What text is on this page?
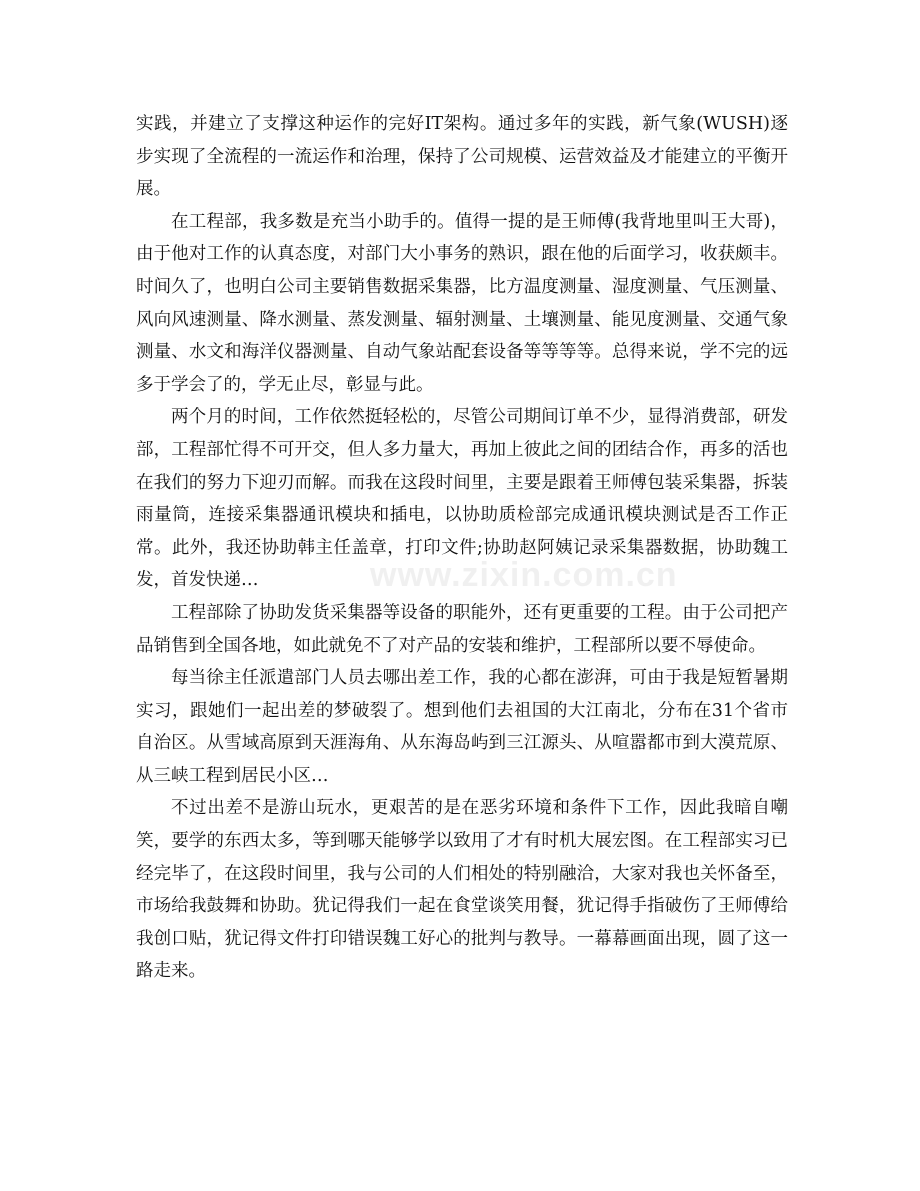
实践，并建立了支撑这种运作的完好IT架构。通过多年的实践，新气象(WUSH)逐步实现了全流程的一流运作和治理，保持了公司规模、运营效益及才能建立的平衡开展。

在工程部，我多数是充当小助手的。值得一提的是王师傅(我背地里叫王大哥)，由于他对工作的认真态度，对部门大小事务的熟识，跟在他的后面学习，收获颇丰。时间久了，也明白公司主要销售数据采集器，比方温度测量、湿度测量、气压测量、风向风速测量、降水测量、蒸发测量、辐射测量、土壤测量、能见度测量、交通气象测量、水文和海洋仪器测量、自动气象站配套设备等等等等。总得来说，学不完的远多于学会了的，学无止尽，彰显与此。

两个月的时间，工作依然挺轻松的，尽管公司期间订单不少，显得消费部，研发部，工程部忙得不可开交，但人多力量大，再加上彼此之间的团结合作，再多的活也在我们的努力下迎刃而解。而我在这段时间里，主要是跟着王师傅包装采集器，拆装雨量筒，连接采集器通讯模块和插电，以协助质检部完成通讯模块测试是否工作正常。此外，我还协助韩主任盖章，打印文件;协助赵阿姨记录采集器数据，协助魏工发，首发快递…

工程部除了协助发货采集器等设备的职能外，还有更重要的工程。由于公司把产品销售到全国各地，如此就免不了对产品的安装和维护，工程部所以要不辱使命。

每当徐主任派遣部门人员去哪出差工作，我的心都在澎湃，可由于我是短暂暑期实习，跟她们一起出差的梦破裂了。想到他们去祖国的大江南北，分布在31个省市自治区。从雪域高原到天涯海角、从东海岛屿到三江源头、从喧嚣都市到大漠荒原、从三峡工程到居民小区…

不过出差不是游山玩水，更艰苦的是在恶劣环境和条件下工作，因此我暗自嘲笑，要学的东西太多，等到哪天能够学以致用了才有时机大展宏图。在工程部实习已经完毕了，在这段时间里，我与公司的人们相处的特别融洽，大家对我也关怀备至，市场给我鼓舞和协助。犹记得我们一起在食堂谈笑用餐，犹记得手指破伤了王师傅给我创口贴，犹记得文件打印错误魏工好心的批判与教导。一幕幕画面出现，圆了这一路走来。

www.zixin.com.cn
